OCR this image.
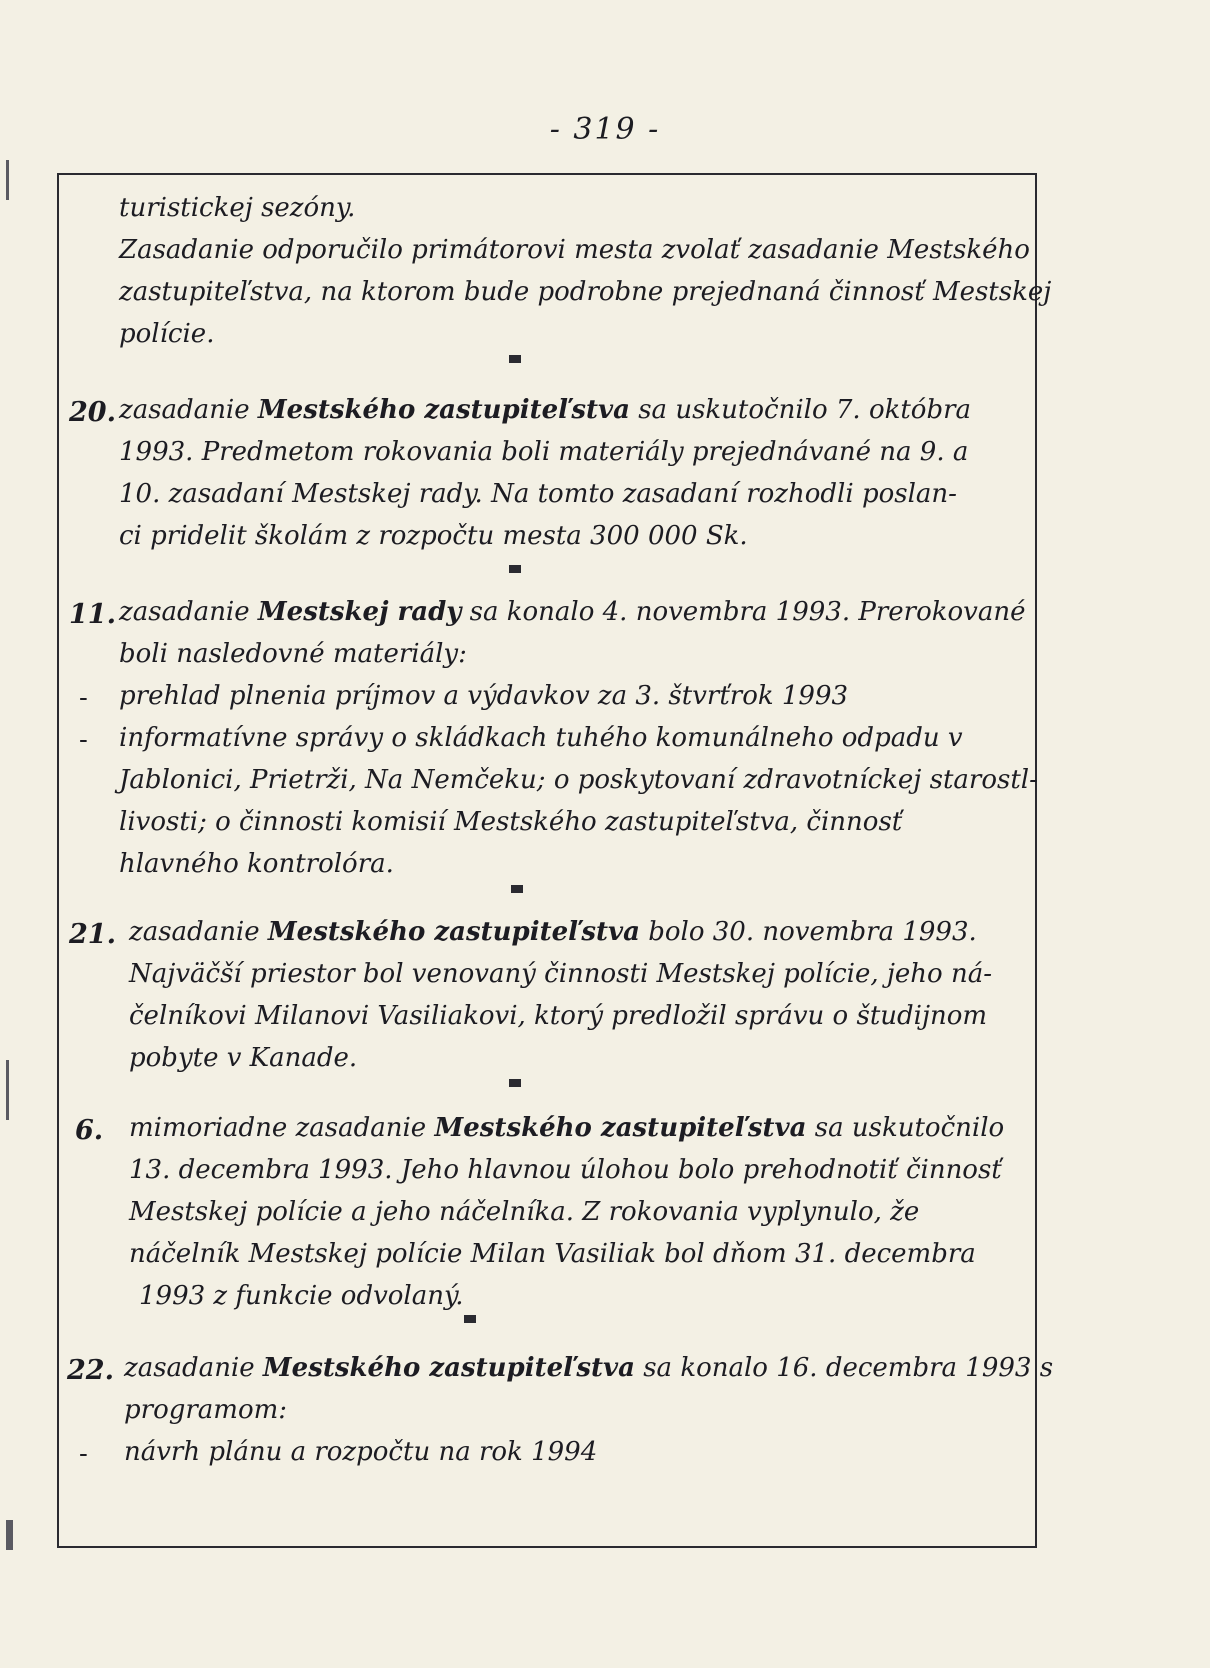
- 319 -
turistickej sezóny.
Zasadanie odporučilo primátorovi mesta zvolať zasadanie Mestského
zastupiteľstva, na ktorom bude podrobne prejednaná činnosť Mestskej
polície.
20. zasadanie Mestského zastupiteľstva sa uskutočnilo 7. októbra
1993. Predmetom rokovania boli materiály prejednávané na 9. a
10. zasadaní Mestskej rady. Na tomto zasadaní rozhodli poslan-
ci pridelit školám z rozpočtu mesta 300 000 Sk.
11. zasadanie Mestskej rady sa konalo 4. novembra 1993. Prerokované
boli nasledovné materiály:
- prehlad plnenia príjmov a výdavkov za 3. štvrťrok 1993
- informatívne správy o skládkach tuhého komunálneho odpadu v
Jablonici, Prietrži, Na Nemčeku; o poskytovaní zdravotníckej starostl-
livosti; o činnosti komisií Mestského zastupiteľstva, činnosť
hlavného kontrolóra.
21. zasadanie Mestského zastupiteľstva bolo 30. novembra 1993.
Najväčší priestor bol venovaný činnosti Mestskej polície, jeho ná-
čelníkovi Milanovi Vasiliakovi, ktorý predložil správu o študijnom
pobyte v Kanade.
6. mimoriadne zasadanie Mestského zastupiteľstva sa uskutočnilo
13. decembra 1993. Jeho hlavnou úlohou bolo prehodnotiť činnosť
Mestskej polície a jeho náčelníka. Z rokovania vyplynulo, že
náčelník Mestskej polície Milan Vasiliak bol dňom 31. decembra
1993 z funkcie odvolaný.
22. zasadanie Mestského zastupiteľstva sa konalo 16. decembra 1993 s
programom:
- návrh plánu a rozpočtu na rok 1994
